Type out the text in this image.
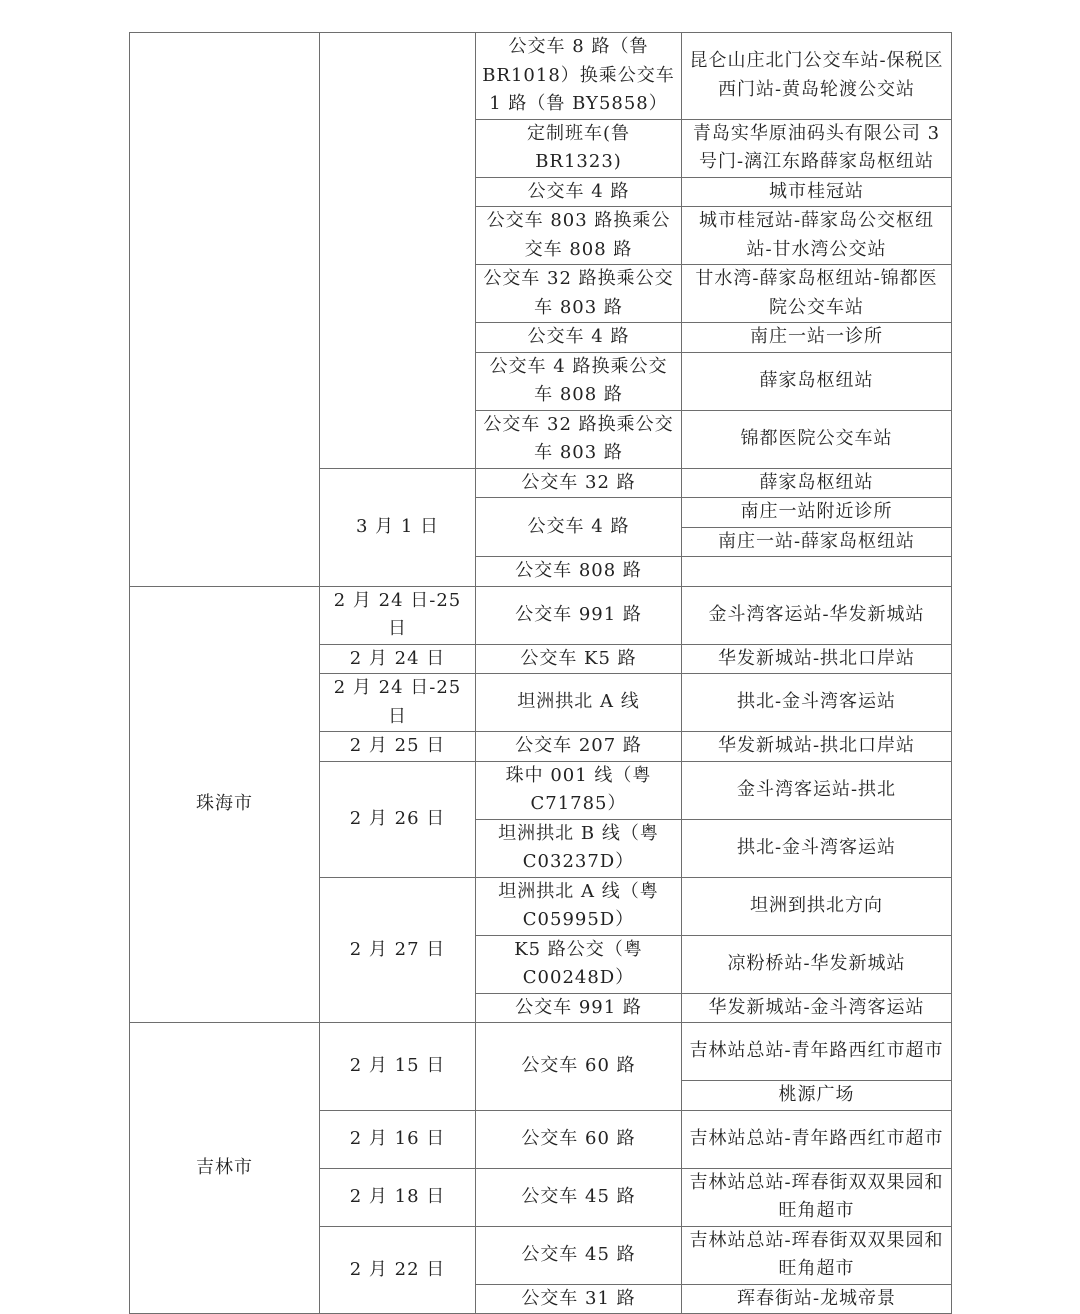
		公交车 8 路（鲁 BR1018）换乘公交车 1 路（鲁 BY5858）	昆仑山庄北门公交车站-保税区西门站-黄岛轮渡公交站
		定制班车(鲁 BR1323)	青岛实华原油码头有限公司 3 号门-漓江东路薛家岛枢纽站
		公交车 4 路	城市桂冠站
		公交车 803 路换乘公交车 808 路	城市桂冠站-薛家岛公交枢纽站-甘水湾公交站
		公交车 32 路换乘公交车 803 路	甘水湾-薛家岛枢纽站-锦都医院公交车站
		公交车 4 路	南庄一站一诊所
		公交车 4 路换乘公交车 808 路	薛家岛枢纽站
		公交车 32 路换乘公交车 803 路	锦都医院公交车站
	3 月 1 日	公交车 32 路	薛家岛枢纽站
		公交车 4 路	南庄一站附近诊所
			南庄一站-薛家岛枢纽站
		公交车 808 路	
珠海市	2 月 24 日-25 日	公交车 991 路	金斗湾客运站-华发新城站
	2 月 24 日	公交车 K5 路	华发新城站-拱北口岸站
	2 月 24 日-25 日	坦洲拱北 A 线	拱北-金斗湾客运站
	2 月 25 日	公交车 207 路	华发新城站-拱北口岸站
	2 月 26 日	珠中 001 线（粤 C71785）	金斗湾客运站-拱北
		坦洲拱北 B 线（粤 C03237D）	拱北-金斗湾客运站
	2 月 27 日	坦洲拱北 A 线（粤 C05995D）	坦洲到拱北方向
		K5 路公交（粤 C00248D）	凉粉桥站-华发新城站
		公交车 991 路	华发新城站-金斗湾客运站
吉林市	2 月 15 日	公交车 60 路	吉林站总站-青年路西红市超市
			桃源广场
	2 月 16 日	公交车 60 路	吉林站总站-青年路西红市超市
	2 月 18 日	公交车 45 路	吉林站总站-珲春街双双果园和旺角超市
	2 月 22 日	公交车 45 路	吉林站总站-珲春街双双果园和旺角超市
		公交车 31 路	珲春街站-龙城帝景
